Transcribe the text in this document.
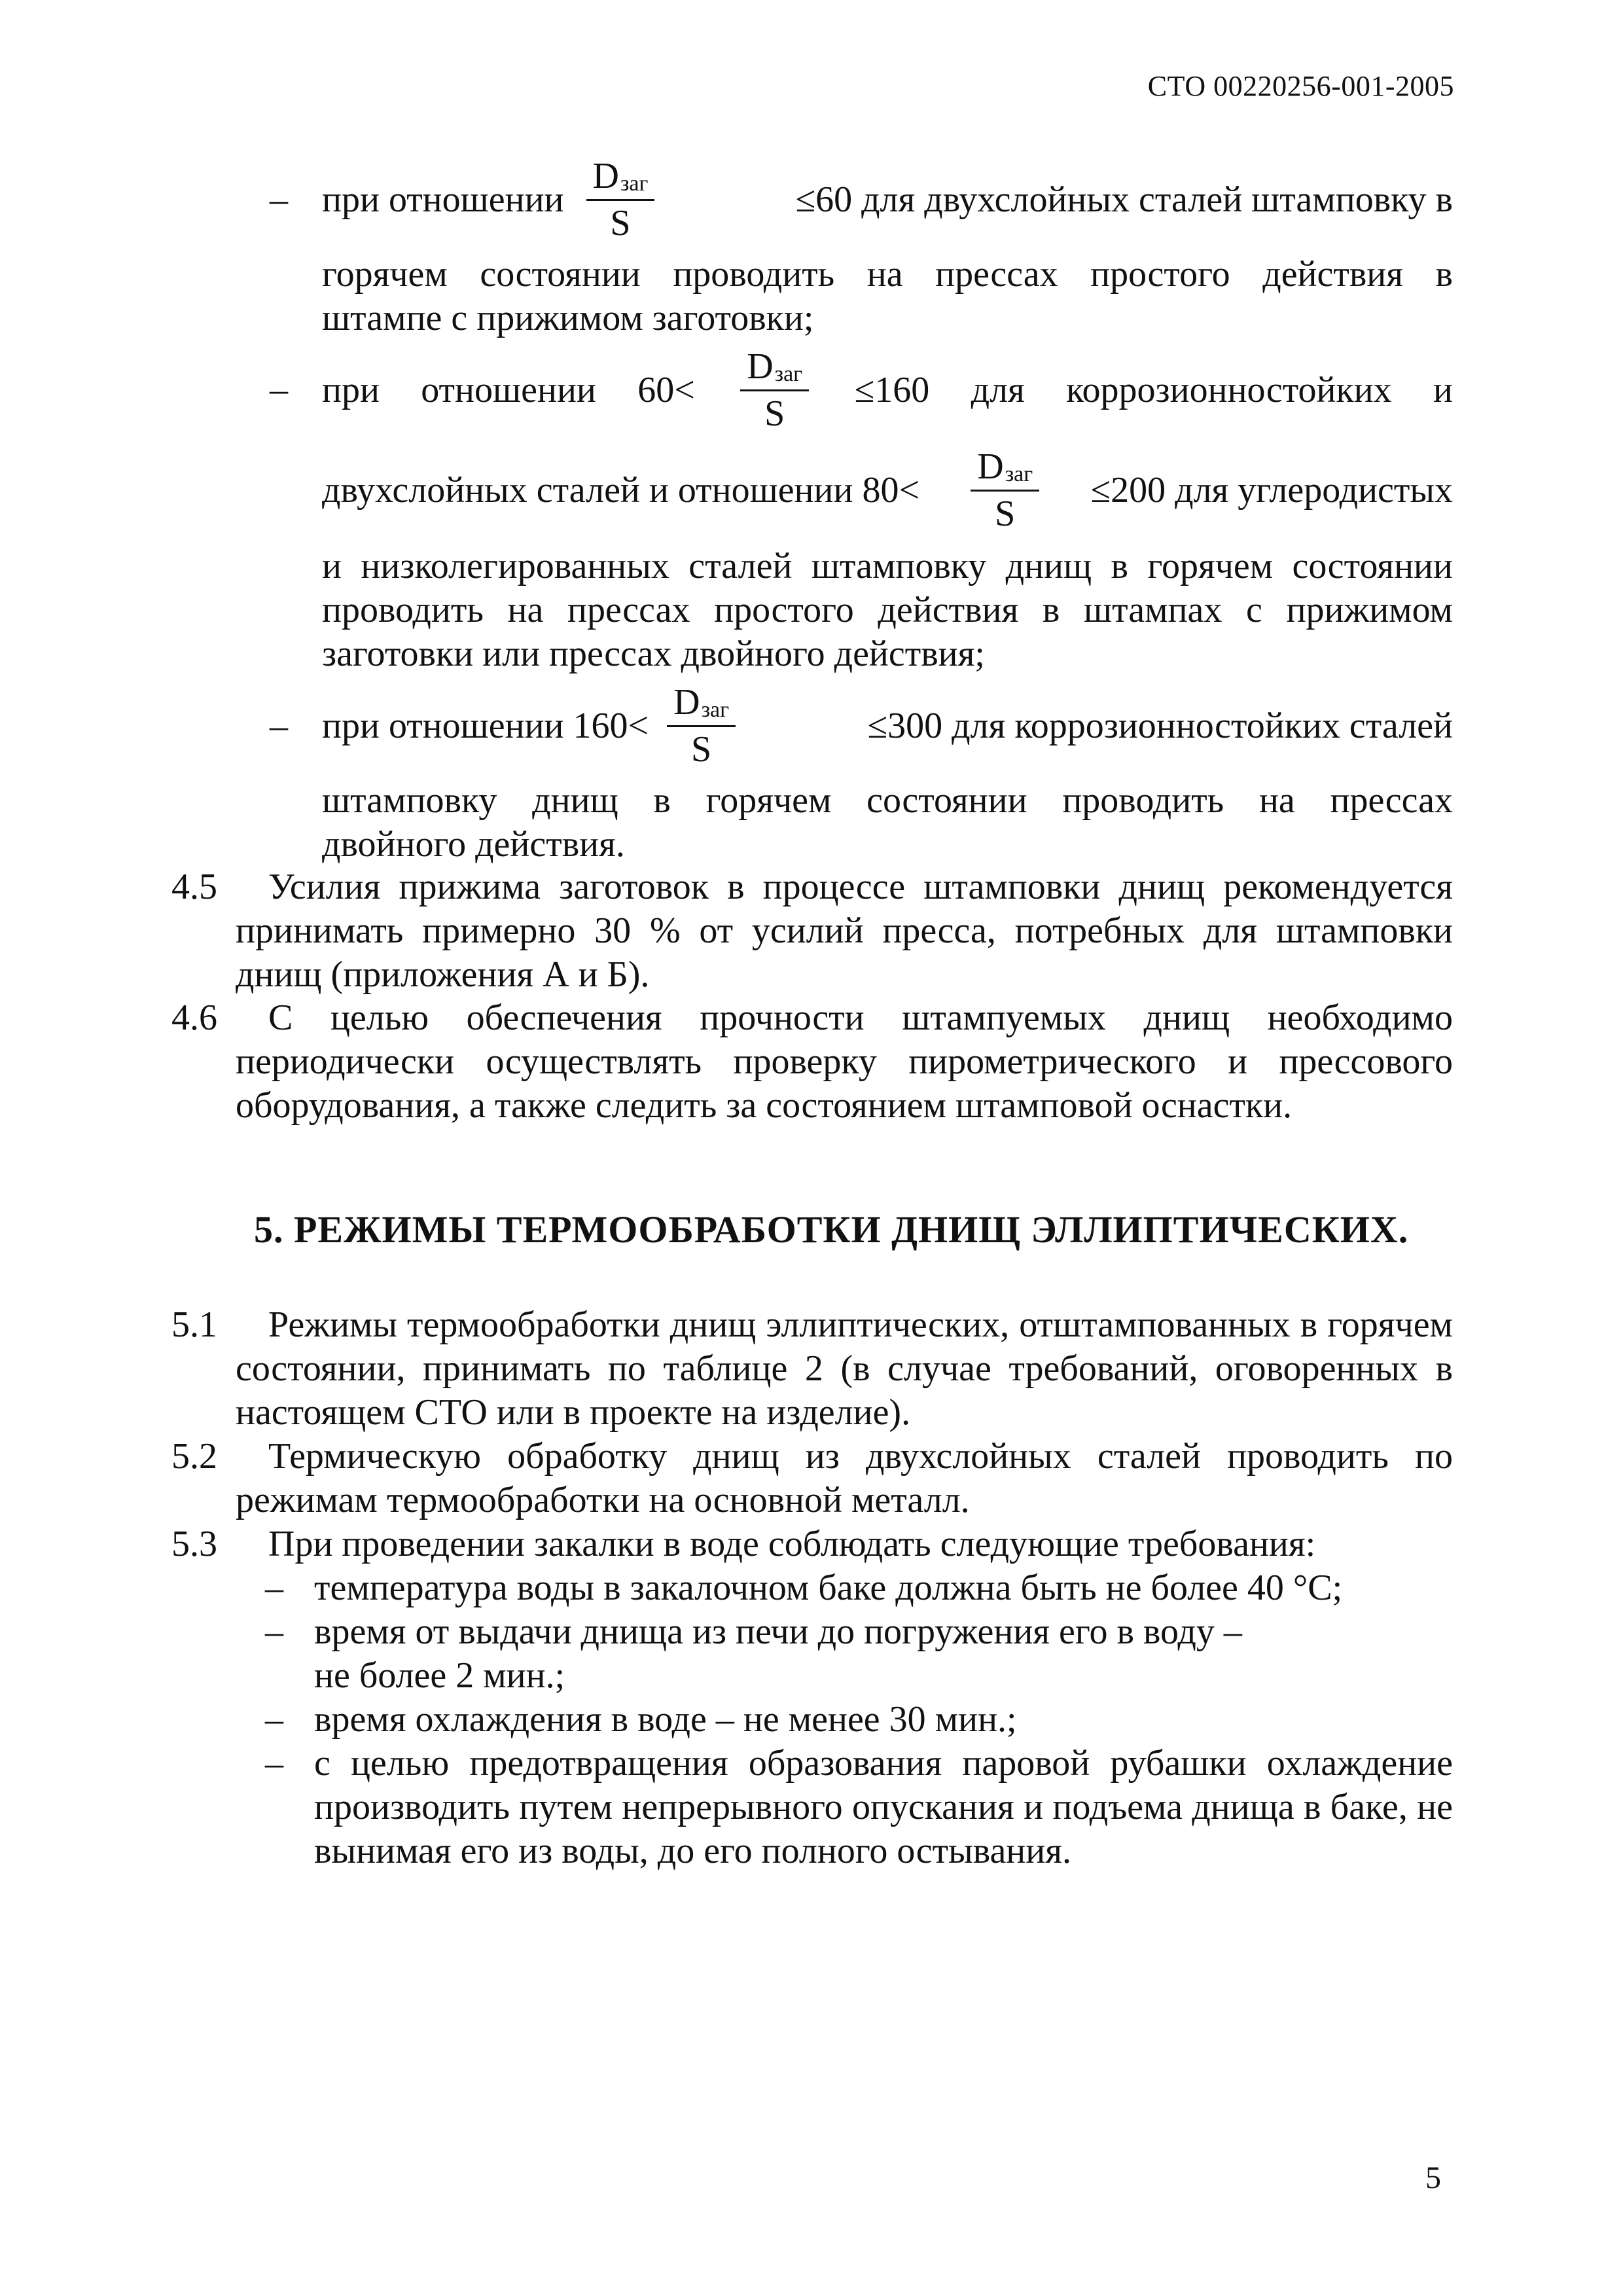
СТО 00220256-001-2005
– при отношении $\frac{D_{заг}}{S}$	≤60 для двухслойных сталей штамповку в
горячем состоянии проводить на прессах простого действия в
штампе с прижимом заготовки;
– при отношении $60< \frac{D_{заг}}{S} \le 160$ для коррозионностойких и
двухслойных сталей и отношении $80< \frac{D_{заг}}{S} \le 200$ для углеродистых
и низколегированных сталей штамповку днищ в горячем состоянии
проводить на прессах простого действия в штампах с прижимом
заготовки или прессах двойного действия;
– при отношении $160< \frac{D_{заг}}{S}$	≤300 для коррозионностойких сталей
штамповку днищ в горячем состоянии проводить на прессах
двойного действия.
4.5	Усилия прижима заготовок в процессе штамповки днищ рекомендуется принимать примерно 30 % от усилий пресса, потребных для штамповки днищ (приложения А и Б).

4.6	С целью обеспечения прочности штампуемых днищ необходимо периодически осуществлять проверку пирометрического и прессового оборудования, а также следить за состоянием штамповой оснастки.

5. РЕЖИМЫ ТЕРМООБРАБОТКИ ДНИЩ ЭЛЛИПТИЧЕСКИХ.
5.1	Режимы термообработки днищ эллиптических, отштампованных в горячем состоянии, принимать по таблице 2 (в случае требований, оговоренных в настоящем СТО или в проекте на изделие).

5.2	Термическую обработку днищ из двухслойных сталей проводить по режимам термообработки на основной металл.

5.3 При проведении закалки в воде соблюдать следующие требования:
– температура воды в закалочном баке должна быть не более 40 °С;
– время от выдачи днища из печи до погружения его в воду –
не более 2 мин.;
– время охлаждения в воде – не менее 30 мин.;
– с целью предотвращения образования паровой рубашки охлаждение производить путем непрерывного опускания и подъема днища в баке, не вынимая его из воды, до его полного остывания.

5
